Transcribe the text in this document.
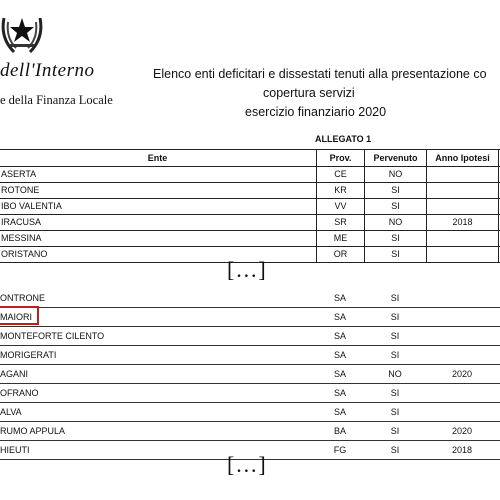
dell'Interno
e della Finanza Locale
Elenco enti deficitari e dissestati tenuti alla presentazione co
copertura servizi
esercizio finanziario 2020
ALLEGATO 1
Ente	Prov.	Pervenuto	Anno Ipotesi	
ASERTA	CE	NO		
ROTONE	KR	SI		
IBO VALENTIA	VV	SI		
IRACUSA	SR	NO	2018	
MESSINA	ME	SI		
ORISTANO	OR	SI		
[…]
ONTRONE	SA	SI		
MAIORI	SA	SI		
MONTEFORTE CILENTO	SA	SI		
MORIGERATI	SA	SI		
AGANI	SA	NO	2020	
OFRANO	SA	SI		
ALVA	SA	SI		
RUMO APPULA	BA	SI	2020	
HIEUTI	FG	SI	2018	
[…]
